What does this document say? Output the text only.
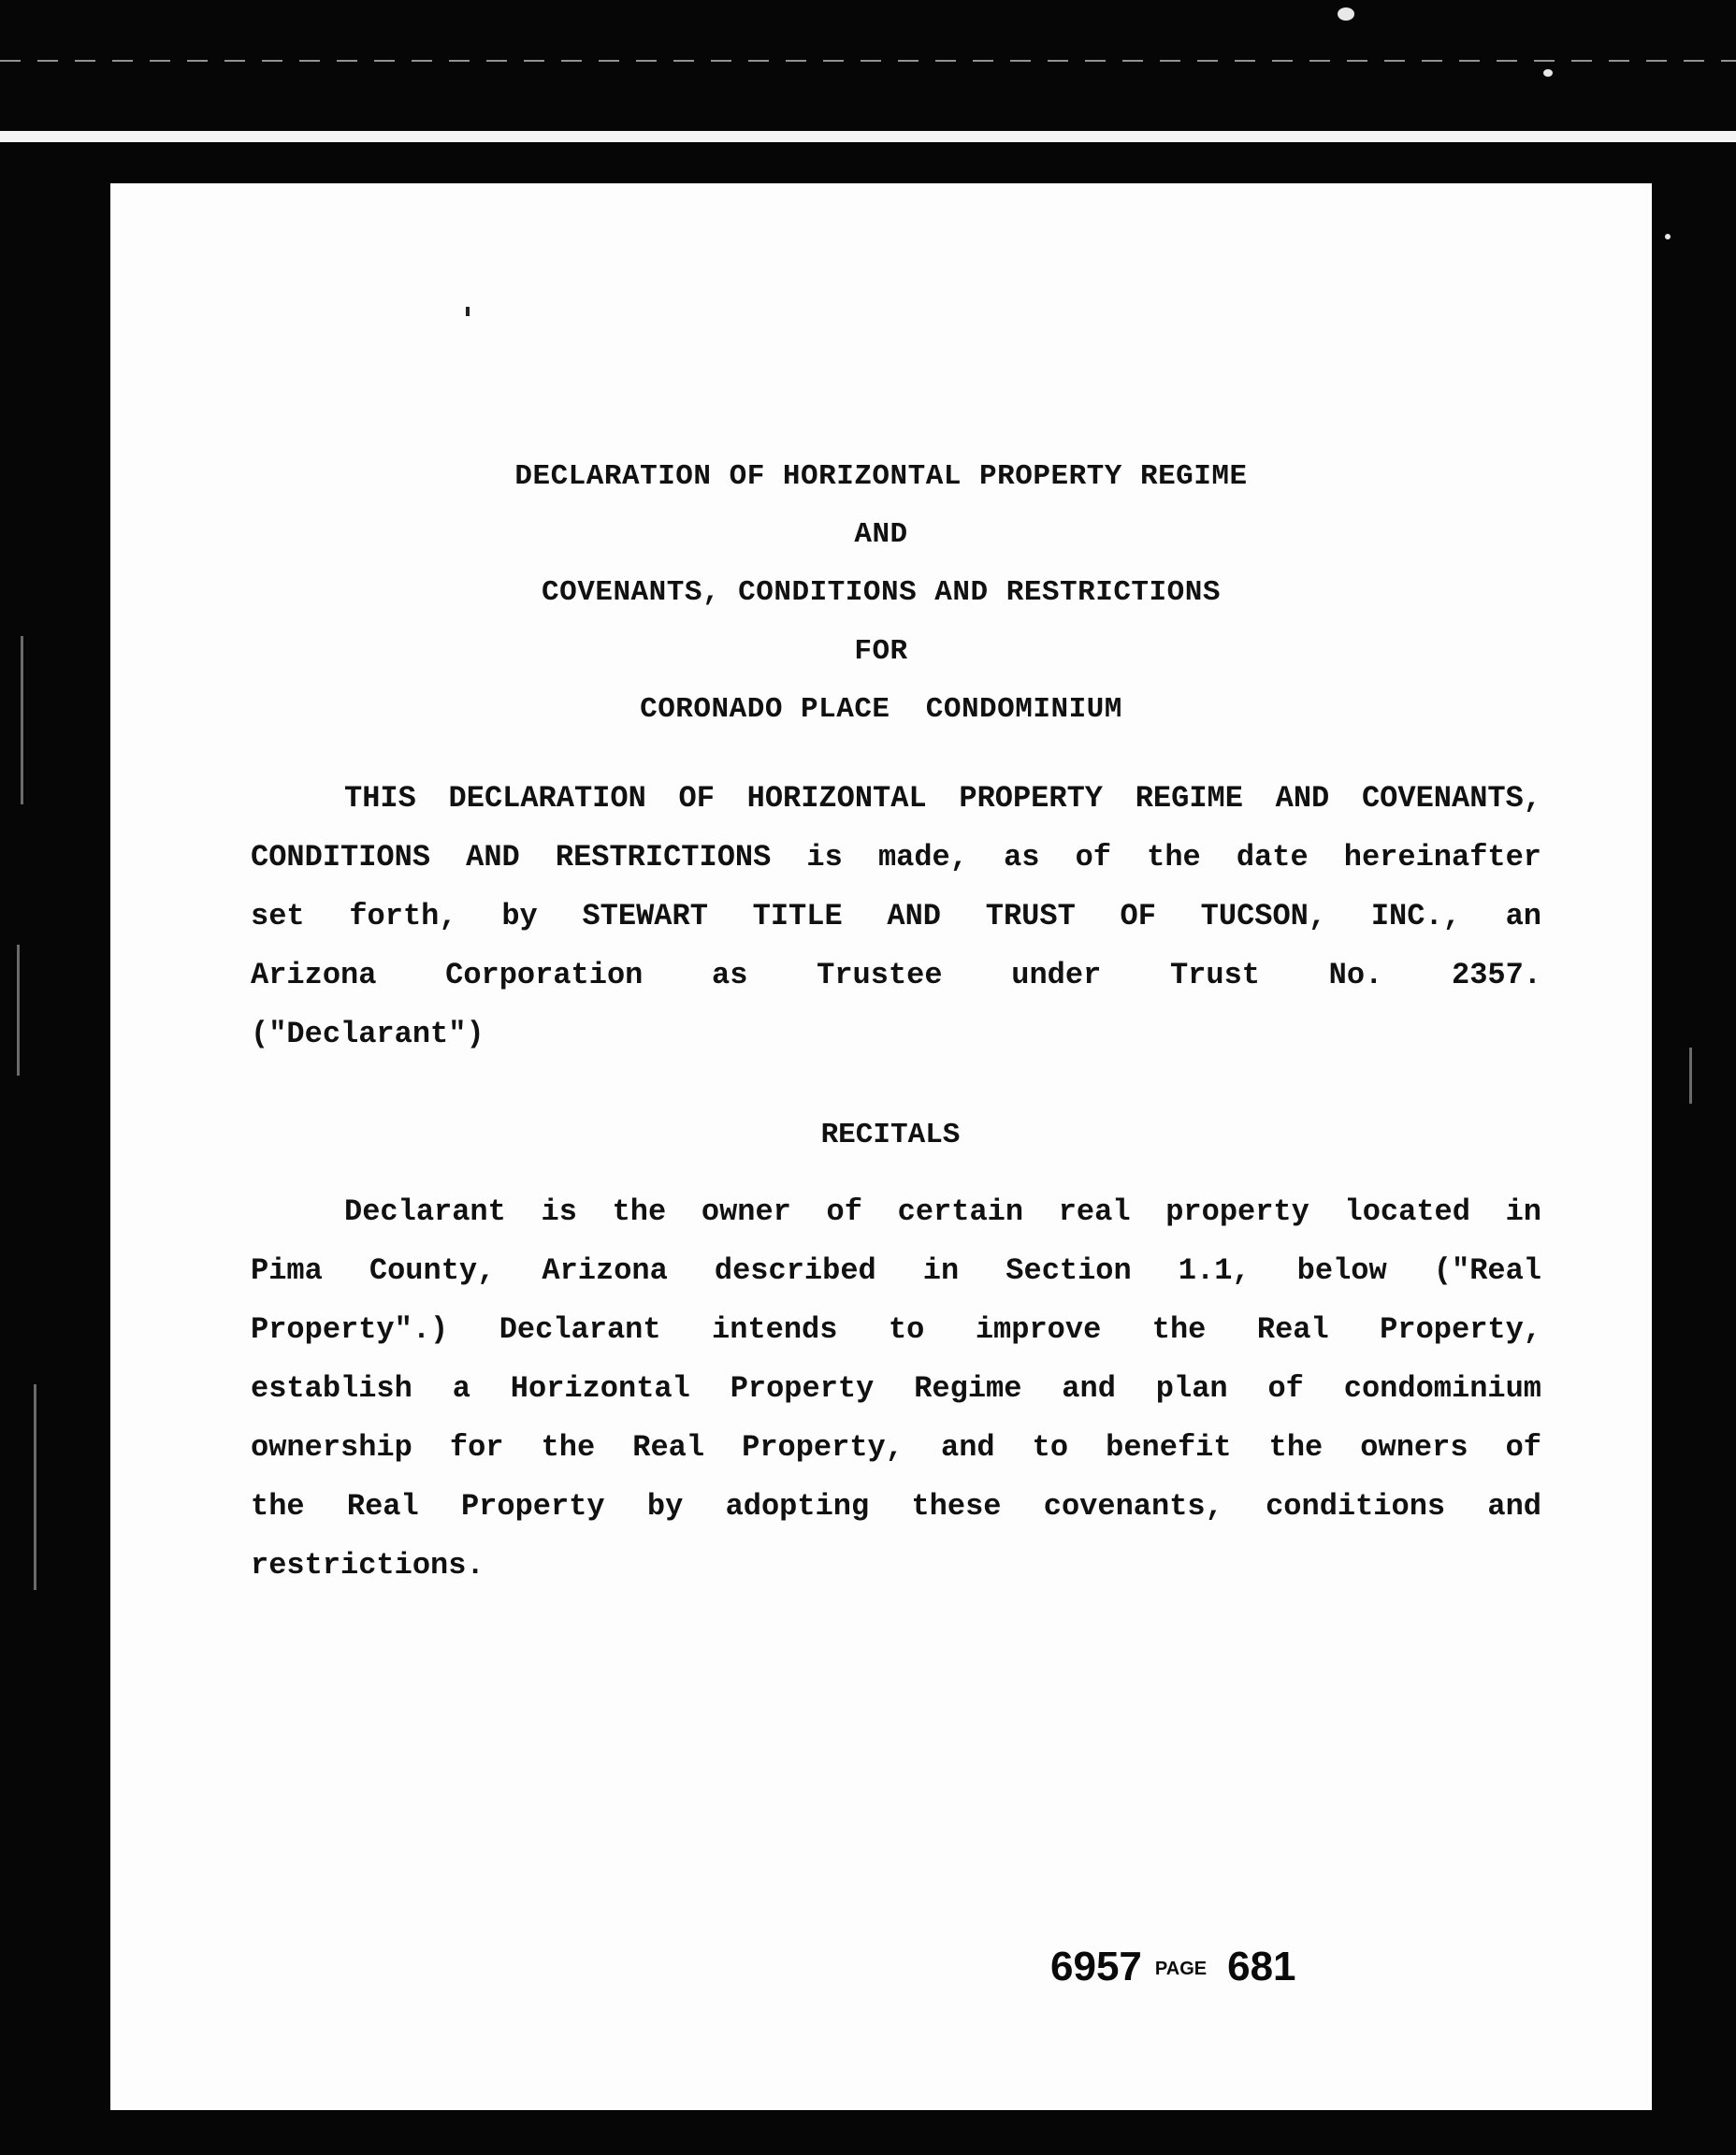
DECLARATION OF HORIZONTAL PROPERTY REGIME
AND
COVENANTS, CONDITIONS AND RESTRICTIONS
FOR
CORONADO PLACE  CONDOMINIUM
THIS DECLARATION OF HORIZONTAL PROPERTY REGIME AND COVENANTS,
CONDITIONS AND RESTRICTIONS is made, as of the date hereinafter
set forth, by STEWART TITLE AND TRUST OF TUCSON, INC., an
Arizona Corporation as Trustee under Trust No. 2357.
("Declarant")
RECITALS
Declarant is the owner of certain real property located in
Pima County, Arizona described in Section 1.1, below ("Real
Property".) Declarant intends to improve the Real Property,
establish a Horizontal Property Regime and plan of condominium
ownership for the Real Property, and to benefit the owners of
the Real Property by adopting these covenants, conditions and
restrictions.
6957 PAGE 681
